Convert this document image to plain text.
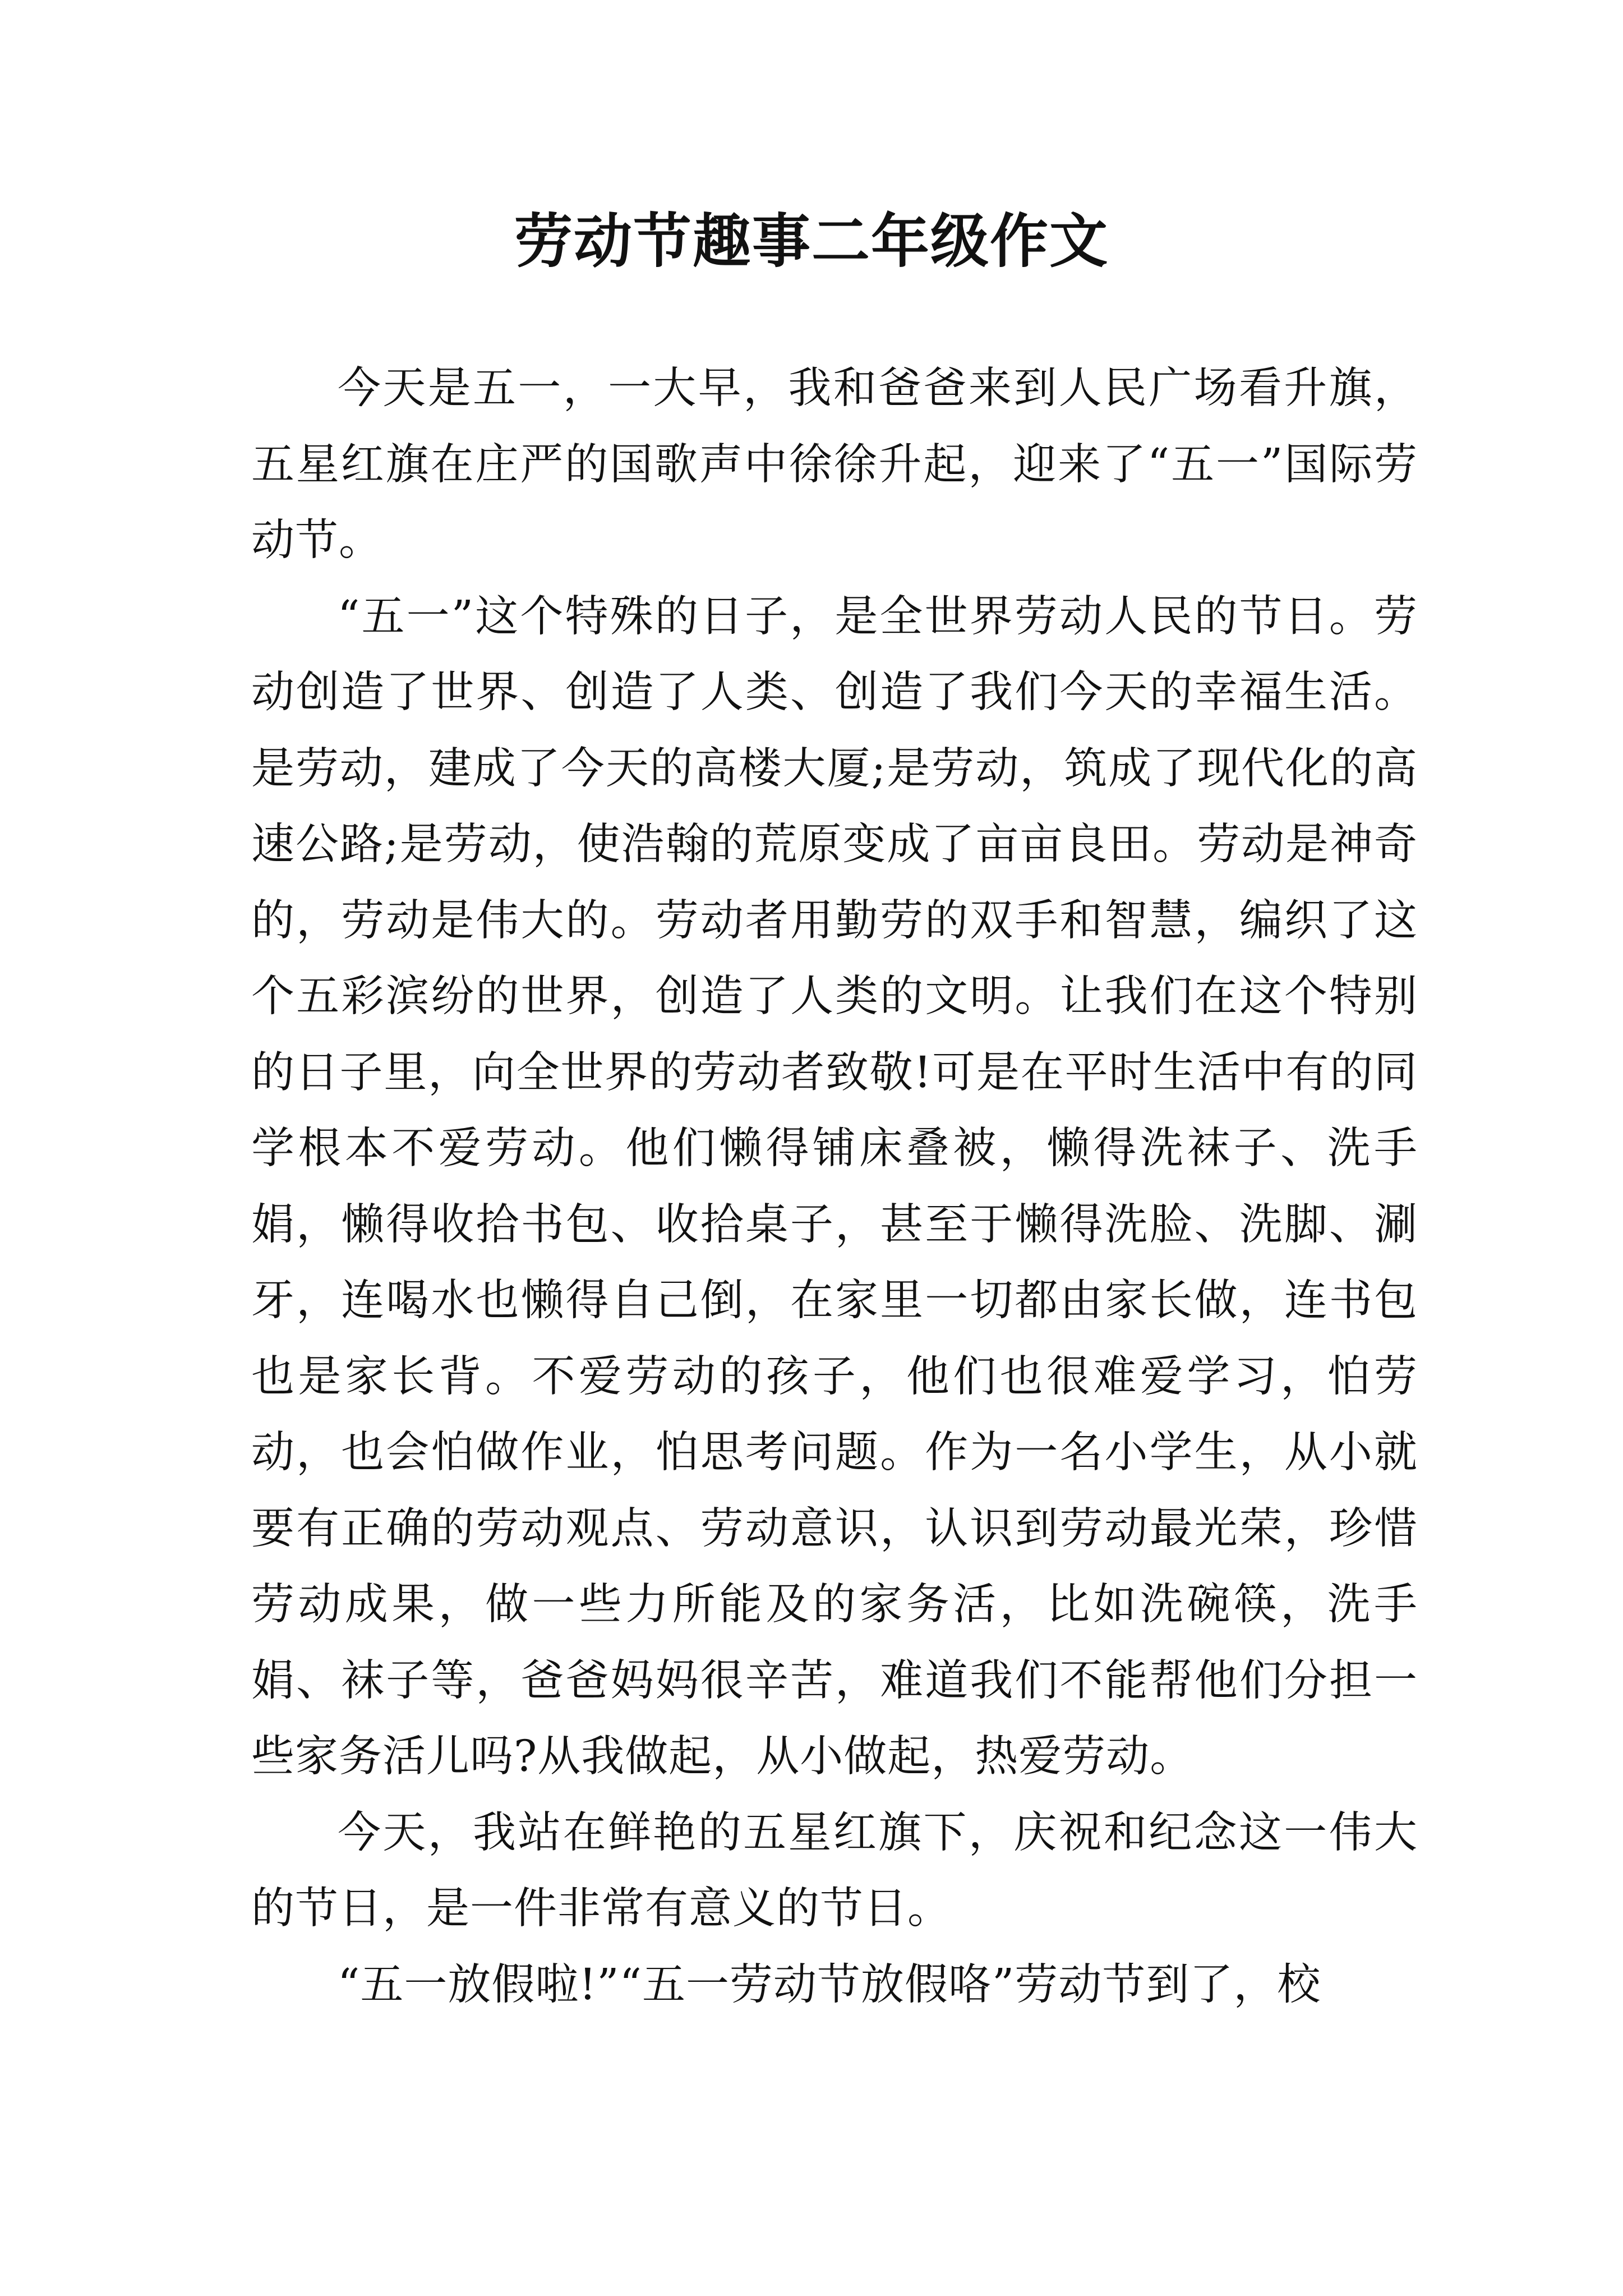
劳动节趣事二年级作文

今天是五一，一大早，我和爸爸来到人民广场看升旗，五星红旗在庄严的国歌声中徐徐升起，迎来了“五一”国际劳动节。

“五一”这个特殊的日子，是全世界劳动人民的节日。劳动创造了世界、创造了人类、创造了我们今天的幸福生活。是劳动，建成了今天的高楼大厦;是劳动，筑成了现代化的高速公路;是劳动，使浩翰的荒原变成了亩亩良田。劳动是神奇的，劳动是伟大的。劳动者用勤劳的双手和智慧，编织了这个五彩滨纷的世界，创造了人类的文明。让我们在这个特别的日子里，向全世界的劳动者致敬!可是在平时生活中有的同学根本不爱劳动。他们懒得铺床叠被，懒得洗袜子、洗手娟，懒得收拾书包、收拾桌子，甚至于懒得洗脸、洗脚、涮牙，连喝水也懒得自己倒，在家里一切都由家长做，连书包也是家长背。不爱劳动的孩子，他们也很难爱学习，怕劳动，也会怕做作业，怕思考问题。作为一名小学生，从小就要有正确的劳动观点、劳动意识，认识到劳动最光荣，珍惜劳动成果，做一些力所能及的家务活，比如洗碗筷，洗手娟、袜子等，爸爸妈妈很辛苦，难道我们不能帮他们分担一些家务活儿吗?从我做起，从小做起，热爱劳动。

今天，我站在鲜艳的五星红旗下，庆祝和纪念这一伟大的节日，是一件非常有意义的节日。

“五一放假啦!”“五一劳动节放假咯”劳动节到了，校
